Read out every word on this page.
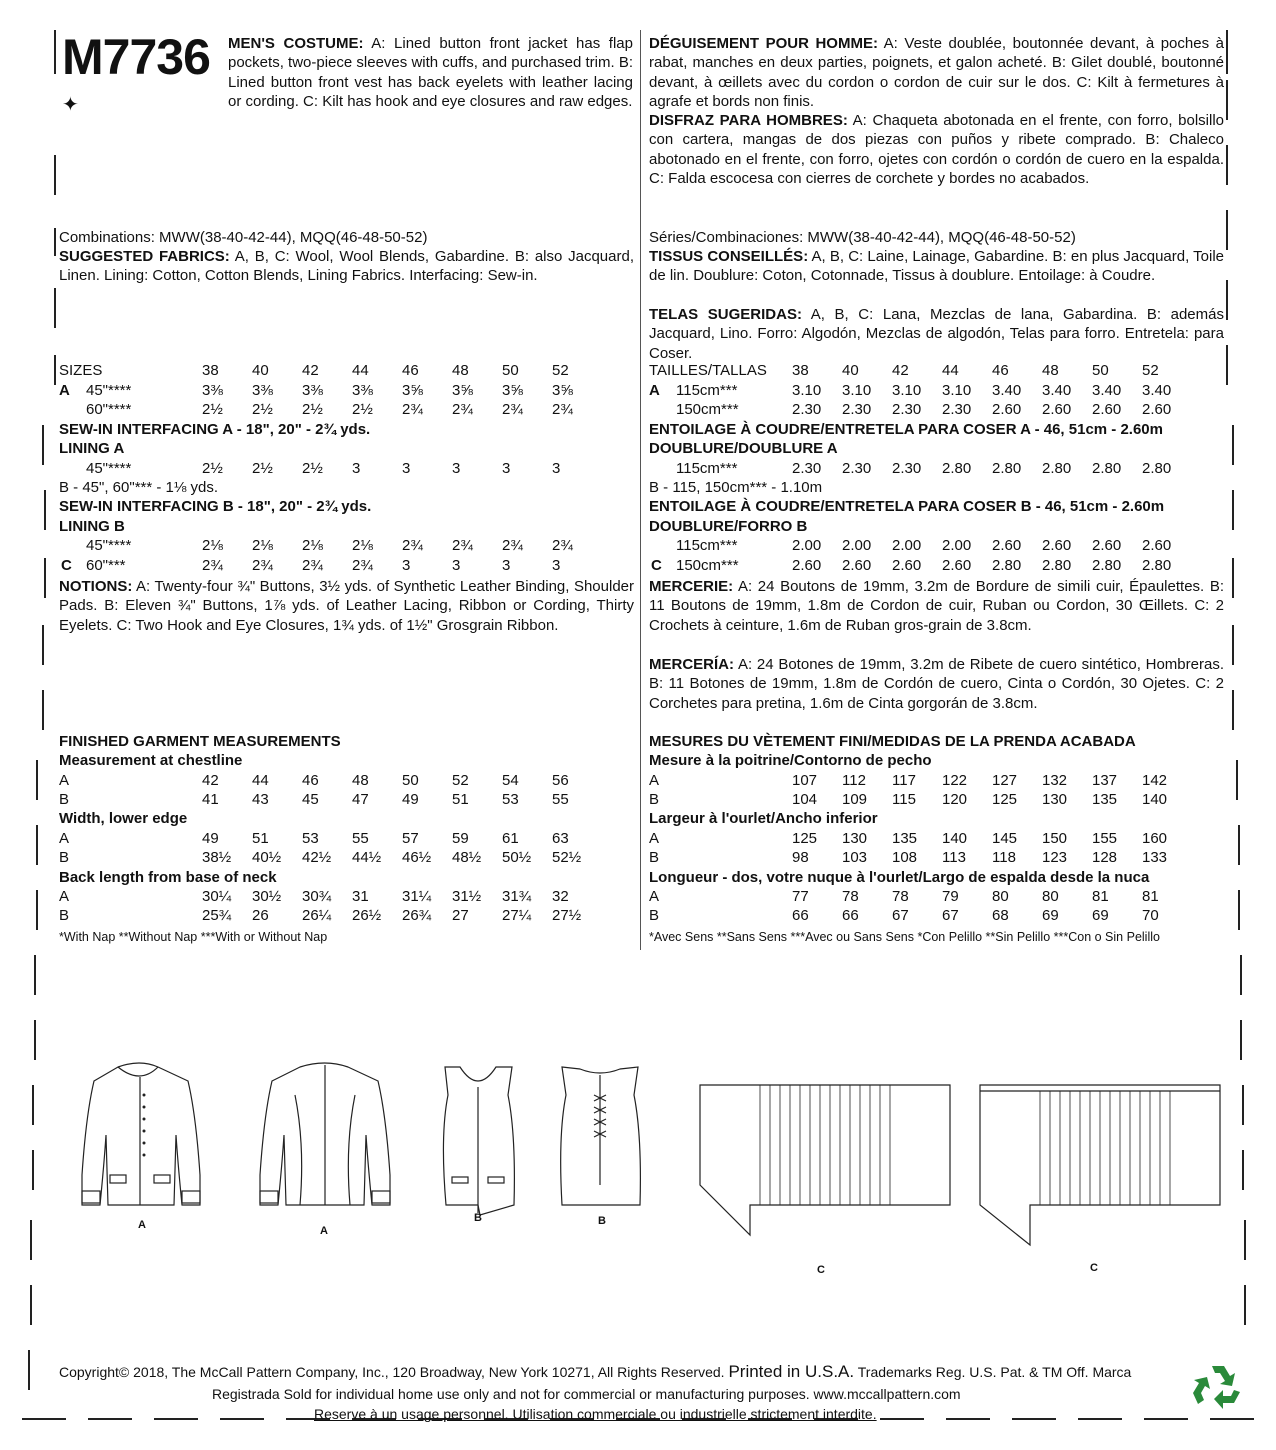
M7736
✦
MEN'S COSTUME: A: Lined button front jacket has flap pockets, two-piece sleeves with cuffs, and purchased trim. B: Lined button front vest has back eyelets with leather lacing or cording. C: Kilt has hook and eye closures and raw edges.
DÉGUISEMENT POUR HOMME: A: Veste doublée, boutonnée devant, à poches à rabat, manches en deux parties, poignets, et galon acheté. B: Gilet doublé, boutonné devant, à œillets avec du cordon o cordon de cuir sur le dos. C: Kilt à fermetures à agrafe et bords non finis.
DISFRAZ PARA HOMBRES: A: Chaqueta abotonada en el frente, con forro, bolsillo con cartera, mangas de dos piezas con puños y ribete comprado. B: Chaleco abotonado en el frente, con forro, ojetes con cordón o cordón de cuero en la espalda. C: Falda escocesa con cierres de corchete y bordes no acabados.
Combinations: MWW(38-40-42-44), MQQ(46-48-50-52)
SUGGESTED FABRICS: A, B, C: Wool, Wool Blends, Gabardine. B: also Jacquard, Linen. Lining: Cotton, Cotton Blends, Lining Fabrics. Interfacing: Sew-in.
Séries/Combinaciones: MWW(38-40-42-44), MQQ(46-48-50-52)
TISSUS CONSEILLÉS: A, B, C: Laine, Lainage, Gabardine. B: en plus Jacquard, Toile de lin. Doublure: Coton, Cotonnade, Tissus à doublure. Entoilage: à Coudre.
TELAS SUGERIDAS: A, B, C: Lana, Mezclas de lana, Gabardina. B: además Jacquard, Lino. Forro: Algodón, Mezclas de algodón, Telas para forro. Entretela: para Coser.
SIZES	38 40 42 44 46 48 50 52
A 45"****	3⅜ 3⅜ 3⅜ 3⅜ 3⅝ 3⅝ 3⅝ 3⅝
60"****	2½ 2½ 2½ 2½ 2¾ 2¾ 2¾ 2¾
SEW-IN INTERFACING A - 18", 20" - 2¾ yds.
LINING A
45"****	2½ 2½ 2½ 3	3	3	3	3
B - 45", 60"*** - 1⅛ yds.
SEW-IN INTERFACING B - 18", 20" - 2¾ yds.
LINING B
45"****	2⅛ 2⅛ 2⅛ 2⅛ 2¾ 2¾ 2¾ 2¾
C 60"***	2¾ 2¾ 2¾ 2¾ 3	3	3	3
TAILLES/TALLAS 38 40 42 44 46 48 50 52
A 115cm***	3.10 3.10 3.10 3.10 3.40 3.40 3.40 3.40
150cm***	2.30 2.30 2.30 2.30 2.60 2.60 2.60 2.60
ENTOILAGE À COUDRE/ENTRETELA PARA COSER A - 46, 51cm - 2.60m
DOUBLURE/DOUBLURE A
115cm***	2.30 2.30 2.30 2.80 2.80 2.80 2.80 2.80
B - 115, 150cm*** - 1.10m
ENTOILAGE À COUDRE/ENTRETELA PARA COSER B - 46, 51cm - 2.60m
DOUBLURE/FORRO B
115cm***	2.00 2.00 2.00 2.00 2.60 2.60 2.60 2.60
C 150cm***	2.60 2.60 2.60 2.60 2.80 2.80 2.80 2.80
NOTIONS: A: Twenty-four ¾" Buttons, 3½ yds. of Synthetic Leather Binding, Shoulder Pads. B: Eleven ¾" Buttons, 1⅞ yds. of Leather Lacing, Ribbon or Cording, Thirty Eyelets. C: Two Hook and Eye Closures, 1¾ yds. of 1½" Grosgrain Ribbon.
MERCERIE: A: 24 Boutons de 19mm, 3.2m de Bordure de simili cuir, Épaulettes. B: 11 Boutons de 19mm, 1.8m de Cordon de cuir, Ruban ou Cordon, 30 Œillets. C: 2 Crochets à ceinture, 1.6m de Ruban gros-grain de 3.8cm.
MERCERÍA: A: 24 Botones de 19mm, 3.2m de Ribete de cuero sintético, Hombreras. B: 11 Botones de 19mm, 1.8m de Cordón de cuero, Cinta o Cordón, 30 Ojetes. C: 2 Corchetes para pretina, 1.6m de Cinta gorgorán de 3.8cm.
FINISHED GARMENT MEASUREMENTS
Measurement at chestline
A	42 44 46 48 50 52 54 56
B	41 43 45 47 49 51 53 55
Width, lower edge
A	49 51 53 55 57 59 61 63
B	38½ 40½ 42½ 44½ 46½ 48½ 50½ 52½
Back length from base of neck
A	30¼ 30½ 30¾ 31 31¼ 31½ 31¾ 32
B	25¾ 26 26¼ 26½ 26¾ 27 27¼ 27½
*With Nap **Without Nap ***With or Without Nap
MESURES DU VÈTEMENT FINI/MEDIDAS DE LA PRENDA ACABADA
Mesure à la poitrine/Contorno de pecho
A	107 112 117 122 127 132 137 142
B	104 109 115 120 125 130 135 140
Largeur à l'ourlet/Ancho inferior
A	125 130 135 140 145 150 155 160
B	98 103 108 113 118 123 128 133
Longueur - dos, votre nuque à l'ourlet/Largo de espalda desde la nuca
A	77 78 78 79 80 80 81 81
B	66 66 67 67 68 69 69 70
*Avec Sens **Sans Sens ***Avec ou Sans Sens *Con Pelillo **Sin Pelillo ***Con o Sin Pelillo
A	A
B	B
C	C
Copyright© 2018, The McCall Pattern Company, Inc., 120 Broadway, New York 10271, All Rights Reserved. Printed in U.S.A. Trademarks Reg. U.S. Pat. & TM Off. Marca
Registrada Sold for individual home use only and not for commercial or manufacturing purposes. www.mccallpattern.com
Reserve à un usage personnel. Utilisation commerciale ou industrielle strictement interdite.
